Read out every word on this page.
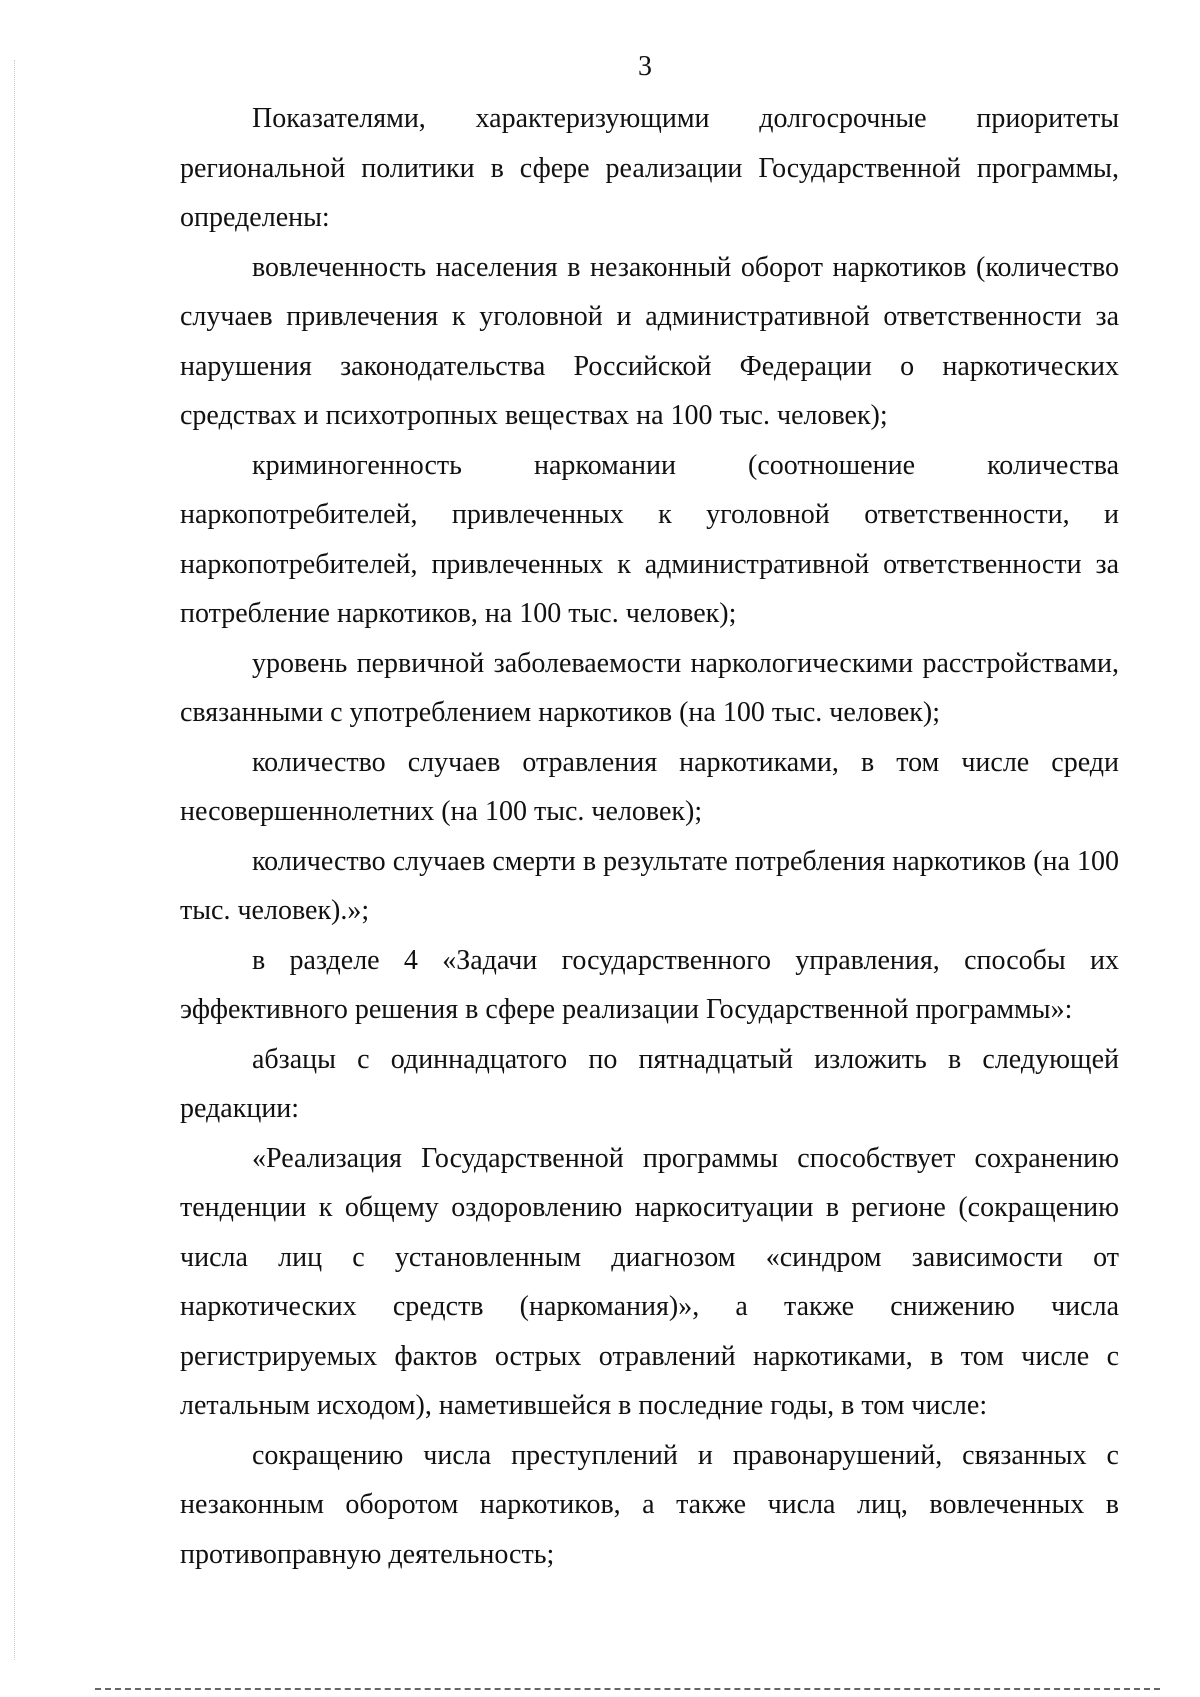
3

Показателями, характеризующими долгосрочные приоритеты региональной политики в сфере реализации Государственной программы, определены:

вовлеченность населения в незаконный оборот наркотиков (количество случаев привлечения к уголовной и административной ответственности за нарушения законодательства Российской Федерации о наркотических средствах и психотропных веществах на 100 тыс. человек);

криминогенность наркомании (соотношение количества наркопотребителей, привлеченных к уголовной ответственности, и наркопотребителей, привлеченных к административной ответственности за потребление наркотиков, на 100 тыс. человек);

уровень первичной заболеваемости наркологическими расстройствами, связанными с употреблением наркотиков (на 100 тыс. человек);

количество случаев отравления наркотиками, в том числе среди несовершеннолетних (на 100 тыс. человек);

количество случаев смерти в результате потребления наркотиков (на 100 тыс. человек).»;

в разделе 4 «Задачи государственного управления, способы их эффективного решения в сфере реализации Государственной программы»:

абзацы с одиннадцатого по пятнадцатый изложить в следующей редакции:

«Реализация Государственной программы способствует сохранению тенденции к общему оздоровлению наркоситуации в регионе (сокращению числа лиц с установленным диагнозом «синдром зависимости от наркотических средств (наркомания)», а также снижению числа регистрируемых фактов острых отравлений наркотиками, в том числе с летальным исходом), наметившейся в последние годы, в том числе:

сокращению числа преступлений и правонарушений, связанных с незаконным оборотом наркотиков, а также числа лиц, вовлеченных в противоправную деятельность;
